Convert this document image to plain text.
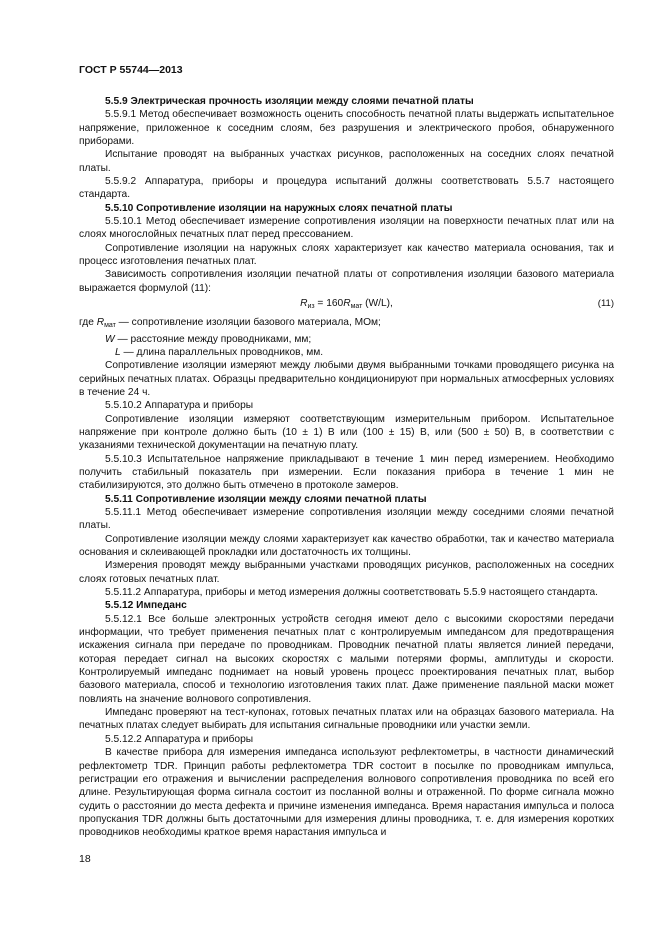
ГОСТ Р 55744—2013

5.5.9 Электрическая прочность изоляции между слоями печатной платы

5.5.9.1 Метод обеспечивает возможность оценить способность печатной платы выдержать испытательное напряжение, приложенное к соседним слоям, без разрушения и электрического пробоя, обнаруженного приборами.

Испытание проводят на выбранных участках рисунков, расположенных на соседних слоях печатной платы.

5.5.9.2 Аппаратура, приборы и процедура испытаний должны соответствовать 5.5.7 настоящего стандарта.

5.5.10 Сопротивление изоляции на наружных слоях печатной платы

5.5.10.1 Метод обеспечивает измерение сопротивления изоляции на поверхности печатных плат или на слоях многослойных печатных плат перед прессованием.

Сопротивление изоляции на наружных слоях характеризует как качество материала основания, так и процесс изготовления печатных плат.

Зависимость сопротивления изоляции печатной платы от сопротивления изоляции базового материала выражается формулой (11):

$R_{из} = 160R_{мат}$ (W/L),	(11)

где $R_{мат}$ — сопротивление изоляции базового материала, МОм;

W — расстояние между проводниками, мм;

L — длина параллельных проводников, мм.

Сопротивление изоляции измеряют между любыми двумя выбранными точками проводящего рисунка на серийных печатных платах. Образцы предварительно кондиционируют при нормальных атмосферных условиях в течение 24 ч.

5.5.10.2 Аппаратура и приборы

Сопротивление изоляции измеряют соответствующим измерительным прибором. Испытательное напряжение при контроле должно быть (10 ± 1) В или (100 ± 15) В, или (500 ± 50) В, в соответствии с указаниями технической документации на печатную плату.

5.5.10.3 Испытательное напряжение прикладывают в течение 1 мин перед измерением. Необходимо получить стабильный показатель при измерении. Если показания прибора в течение 1 мин не стабилизируются, это должно быть отмечено в протоколе замеров.

5.5.11 Сопротивление изоляции между слоями печатной платы

5.5.11.1 Метод обеспечивает измерение сопротивления изоляции между соседними слоями печатной платы.

Сопротивление изоляции между слоями характеризует как качество обработки, так и качество материала основания и склеивающей прокладки или достаточность их толщины.

Измерения проводят между выбранными участками проводящих рисунков, расположенных на соседних слоях готовых печатных плат.

5.5.11.2 Аппаратура, приборы и метод измерения должны соответствовать 5.5.9 настоящего стандарта.

5.5.12 Импеданс

5.5.12.1 Все больше электронных устройств сегодня имеют дело с высокими скоростями передачи информации, что требует применения печатных плат с контролируемым импедансом для предотвращения искажения сигнала при передаче по проводникам. Проводник печатной платы является линией передачи, которая передает сигнал на высоких скоростях с малыми потерями формы, амплитуды и скорости. Контролируемый импеданс поднимает на новый уровень процесс проектирования печатных плат, выбор базового материала, способ и технологию изготовления таких плат. Даже применение паяльной маски может повлиять на значение волнового сопротивления.

Импеданс проверяют на тест-купонах, готовых печатных платах или на образцах базового материала. На печатных платах следует выбирать для испытания сигнальные проводники или участки земли.

5.5.12.2 Аппаратура и приборы

В качестве прибора для измерения импеданса используют рефлектометры, в частности динамический рефлектометр TDR. Принцип работы рефлектометра TDR состоит в посылке по проводникам импульса, регистрации его отражения и вычислении распределения волнового сопротивления проводника по всей его длине. Результирующая форма сигнала состоит из посланной волны и отраженной. По форме сигнала можно судить о расстоянии до места дефекта и причине изменения импеданса. Время нарастания импульса и полоса пропускания TDR должны быть достаточными для измерения длины проводника, т. е. для измерения коротких проводников необходимы краткое время нарастания импульса и

18
